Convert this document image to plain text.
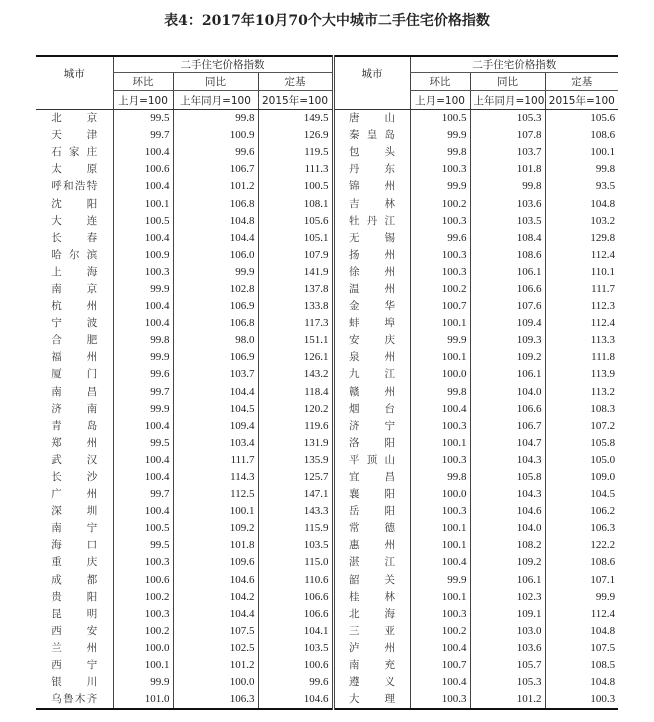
表4：2017年10月70个大中城市二手住宅价格指数
城市	二手住宅价格指数			城市	二手住宅价格指数		
	环比	同比	定基		环比	同比	定基
	上月=100	上年同月=100	2015年=100		上月=100	上年同月=100	2015年=100
北京	99.5	99.8	149.5	唐山	100.5	105.3	105.6
天津	99.7	100.9	126.9	秦皇岛	99.9	107.8	108.6
石家庄	100.4	99.6	119.5	包头	99.8	103.7	100.1
太原	100.6	106.7	111.3	丹东	100.3	101.8	99.8
呼和浩特	100.4	101.2	100.5	锦州	99.9	99.8	93.5
沈阳	100.1	106.8	108.1	吉林	100.2	103.6	104.8
大连	100.5	104.8	105.6	牡丹江	100.3	103.5	103.2
长春	100.4	104.4	105.1	无锡	99.6	108.4	129.8
哈尔滨	100.9	106.0	107.9	扬州	100.3	108.6	112.4
上海	100.3	99.9	141.9	徐州	100.3	106.1	110.1
南京	99.9	102.8	137.8	温州	100.2	106.6	111.7
杭州	100.4	106.9	133.8	金华	100.7	107.6	112.3
宁波	100.4	106.8	117.3	蚌埠	100.1	109.4	112.4
合肥	99.8	98.0	151.1	安庆	99.9	109.3	113.3
福州	99.9	106.9	126.1	泉州	100.1	109.2	111.8
厦门	99.6	103.7	143.2	九江	100.0	106.1	113.9
南昌	99.7	104.4	118.4	赣州	99.8	104.0	113.2
济南	99.9	104.5	120.2	烟台	100.4	106.6	108.3
青岛	100.4	109.4	119.6	济宁	100.3	106.7	107.2
郑州	99.5	103.4	131.9	洛阳	100.1	104.7	105.8
武汉	100.4	111.7	135.9	平顶山	100.3	104.3	105.0
长沙	100.4	114.3	125.7	宜昌	99.8	105.8	109.0
广州	99.7	112.5	147.1	襄阳	100.0	104.3	104.5
深圳	100.4	100.1	143.3	岳阳	100.3	104.6	106.2
南宁	100.5	109.2	115.9	常德	100.1	104.0	106.3
海口	99.5	101.8	103.5	惠州	100.1	108.2	122.2
重庆	100.3	109.6	115.0	湛江	100.4	109.2	108.6
成都	100.6	104.6	110.6	韶关	99.9	106.1	107.1
贵阳	100.2	104.2	106.6	桂林	100.1	102.3	99.9
昆明	100.3	104.4	106.6	北海	100.3	109.1	112.4
西安	100.2	107.5	104.1	三亚	100.2	103.0	104.8
兰州	100.0	102.5	103.5	泸州	100.4	103.6	107.5
西宁	100.1	101.2	100.6	南充	100.7	105.7	108.5
银川	99.9	100.0	99.6	遵义	100.4	105.3	104.8
乌鲁木齐	101.0	106.3	104.6	大理	100.3	101.2	100.3
